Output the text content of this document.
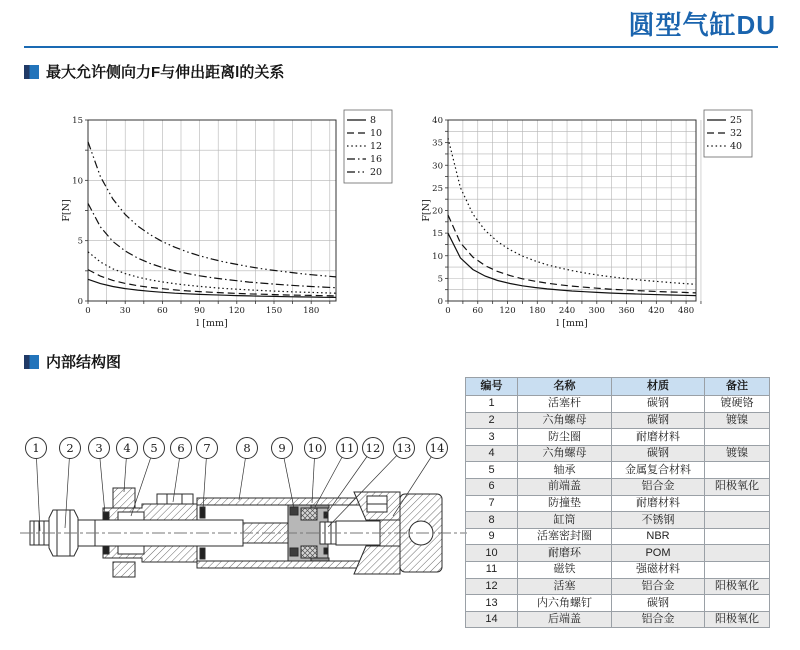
圆型气缸DU
最大允许侧向力F与伸出距离l的关系
0	30	60	90	120 150 180
0
5
10
15
l [mm]
F[N]
8
10
12
16
20
0	60 120 180 240 300 360 420 480
0
5
10
15
20
25
30
35
40
l [mm]
F[N]
25
32
40
内部结构图
1 2 3 4 5 6 7	8 9 10 11 12 13 14
编号	名称	材质	备注
1	活塞杆	碳钢	镀硬铬
2	六角螺母	碳钢	镀镍
3	防尘圈	耐磨材料	
4	六角螺母	碳钢	镀镍
5	轴承	金属复合材料	
6	前端盖	铝合金	阳极氧化
7	防撞垫	耐磨材料	
8	缸筒	不锈钢	
9	活塞密封圈	NBR	
10	耐磨环	POM	
11	磁铁	强磁材料	
12	活塞	铝合金	阳极氧化
13	内六角螺钉	碳钢	
14	后端盖	铝合金	阳极氧化
